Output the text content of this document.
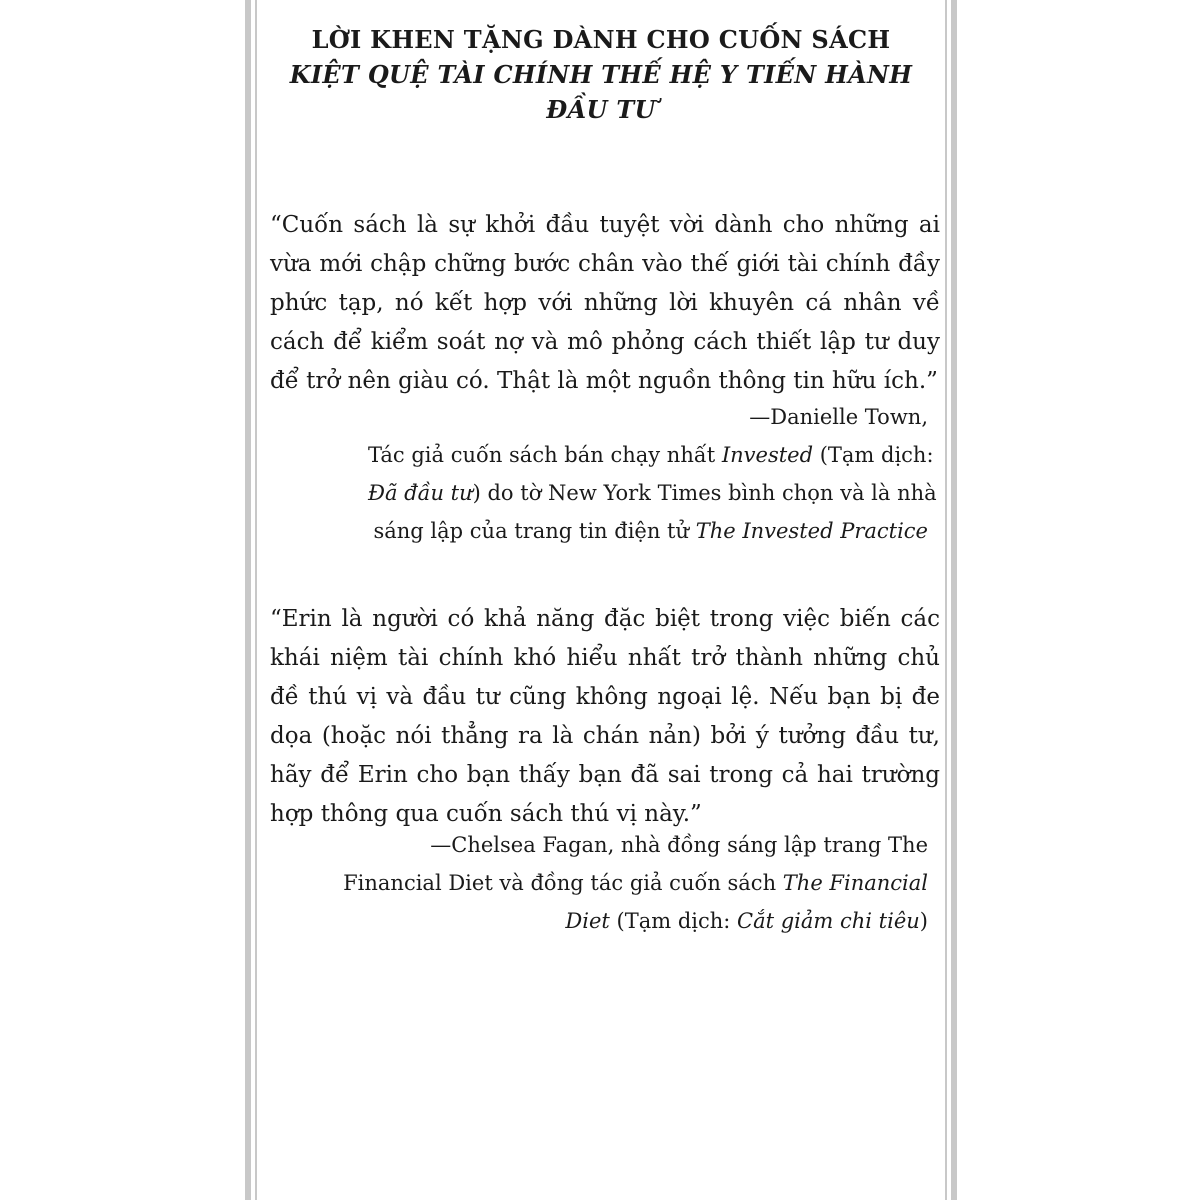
LỜI KHEN TẶNG DÀNH CHO CUỐN SÁCH
KIỆT QUỆ TÀI CHÍNH THẾ HỆ Y TIẾN HÀNH ĐẦU TƯ
“Cuốn sách là sự khởi đầu tuyệt vời dành cho những ai vừa mới chập chững bước chân vào thế giới tài chính đầy phức tạp, nó kết hợp với những lời khuyên cá nhân về cách để kiểm soát nợ và mô phỏng cách thiết lập tư duy để trở nên giàu có. Thật là một nguồn thông tin hữu ích.”
—Danielle Town,
Tác giả cuốn sách bán chạy nhất Invested (Tạm dịch:
Đã đầu tư) do tờ New York Times bình chọn và là nhà
sáng lập của trang tin điện tử The Invested Practice
“Erin là người có khả năng đặc biệt trong việc biến các khái niệm tài chính khó hiểu nhất trở thành những chủ đề thú vị và đầu tư cũng không ngoại lệ. Nếu bạn bị đe dọa (hoặc nói thẳng ra là chán nản) bởi ý tưởng đầu tư, hãy để Erin cho bạn thấy bạn đã sai trong cả hai trường hợp thông qua cuốn sách thú vị này.”
—Chelsea Fagan, nhà đồng sáng lập trang The
Financial Diet và đồng tác giả cuốn sách The Financial
Diet (Tạm dịch: Cắt giảm chi tiêu)
